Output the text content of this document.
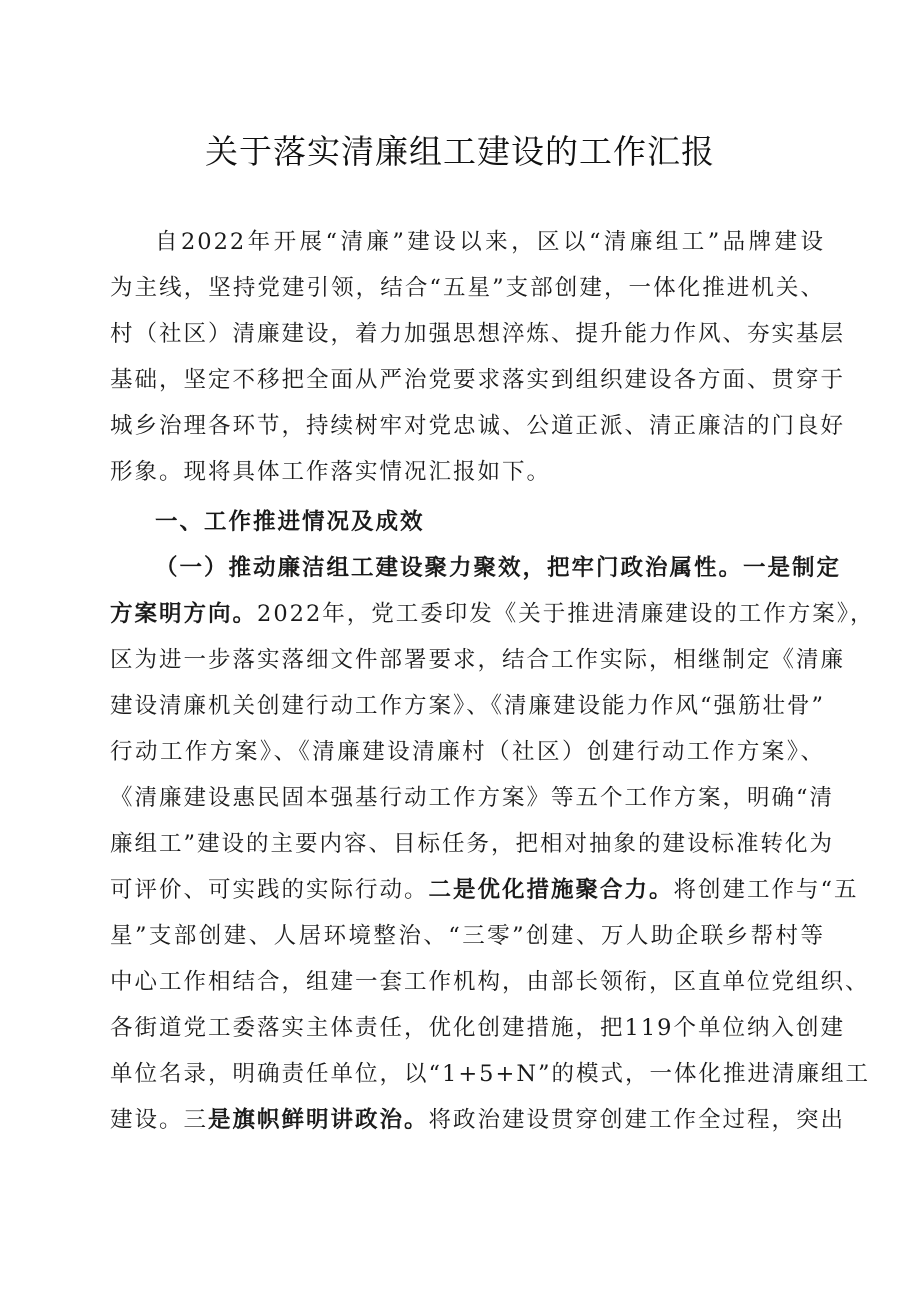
关于落实清廉组工建设的工作汇报
自2022年开展“清廉”建设以来，区以“清廉组工”品牌建设
为主线，坚持党建引领，结合“五星”支部创建，一体化推进机关、
村（社区）清廉建设，着力加强思想淬炼、提升能力作风、夯实基层
基础，坚定不移把全面从严治党要求落实到组织建设各方面、贯穿于
城乡治理各环节，持续树牢对党忠诚、公道正派、清正廉洁的门良好
形象。现将具体工作落实情况汇报如下。
一、工作推进情况及成效
（一）推动廉洁组工建设聚力聚效，把牢门政治属性。一是制定
方案明方向。2022年，党工委印发《关于推进清廉建设的工作方案》，
区为进一步落实落细文件部署要求，结合工作实际，相继制定《清廉
建设清廉机关创建行动工作方案》、《清廉建设能力作风“强筋壮骨”
行动工作方案》、《清廉建设清廉村（社区）创建行动工作方案》、
《清廉建设惠民固本强基行动工作方案》等五个工作方案，明确“清
廉组工”建设的主要内容、目标任务，把相对抽象的建设标准转化为
可评价、可实践的实际行动。二是优化措施聚合力。将创建工作与“五
星”支部创建、人居环境整治、“三零”创建、万人助企联乡帮村等
中心工作相结合，组建一套工作机构，由部长领衔，区直单位党组织、
各街道党工委落实主体责任，优化创建措施，把119个单位纳入创建
单位名录，明确责任单位，以“1+5+N”的模式，一体化推进清廉组工
建设。三是旗帜鲜明讲政治。将政治建设贯穿创建工作全过程，突出
